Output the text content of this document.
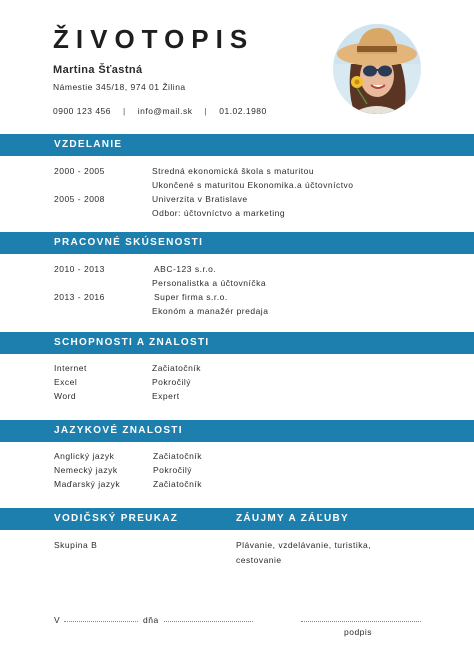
ŽIVOTOPIS
Martina Šťastná
Námestie 345/18, 974 01 Žilina
0900 123 456 | info@mail.sk | 01.02.1980
VZDELANIE
2000 - 2005	Stredná ekonomická škola s maturitou
Ukončené s maturitou Ekonomika.a účtovníctvo
2005 - 2008	Univerzita v Bratislave
Odbor: účtovníctvo a marketing
PRACOVNÉ SKÚSENOSTI
2010 - 2013	ABC-123 s.r.o.
Personalistka a účtovníčka
2013 - 2016	Super firma s.r.o.
Ekonóm a manažér predaja
SCHOPNOSTI A ZNALOSTI
Internet	Začiatočník
Excel	Pokročilý
Word	Expert
JAZYKOVÉ ZNALOSTI
Anglický jazyk	Začiatočník
Nemecký jazyk	Pokročilý
Maďarský jazyk	Začiatočník
VODIČSKÝ PREUKAZ	ZÁUJMY A ZÁĽUBY
Skupina B	Plávanie, vzdelávanie, turistika,
cestovanie
V	dňa
podpis
